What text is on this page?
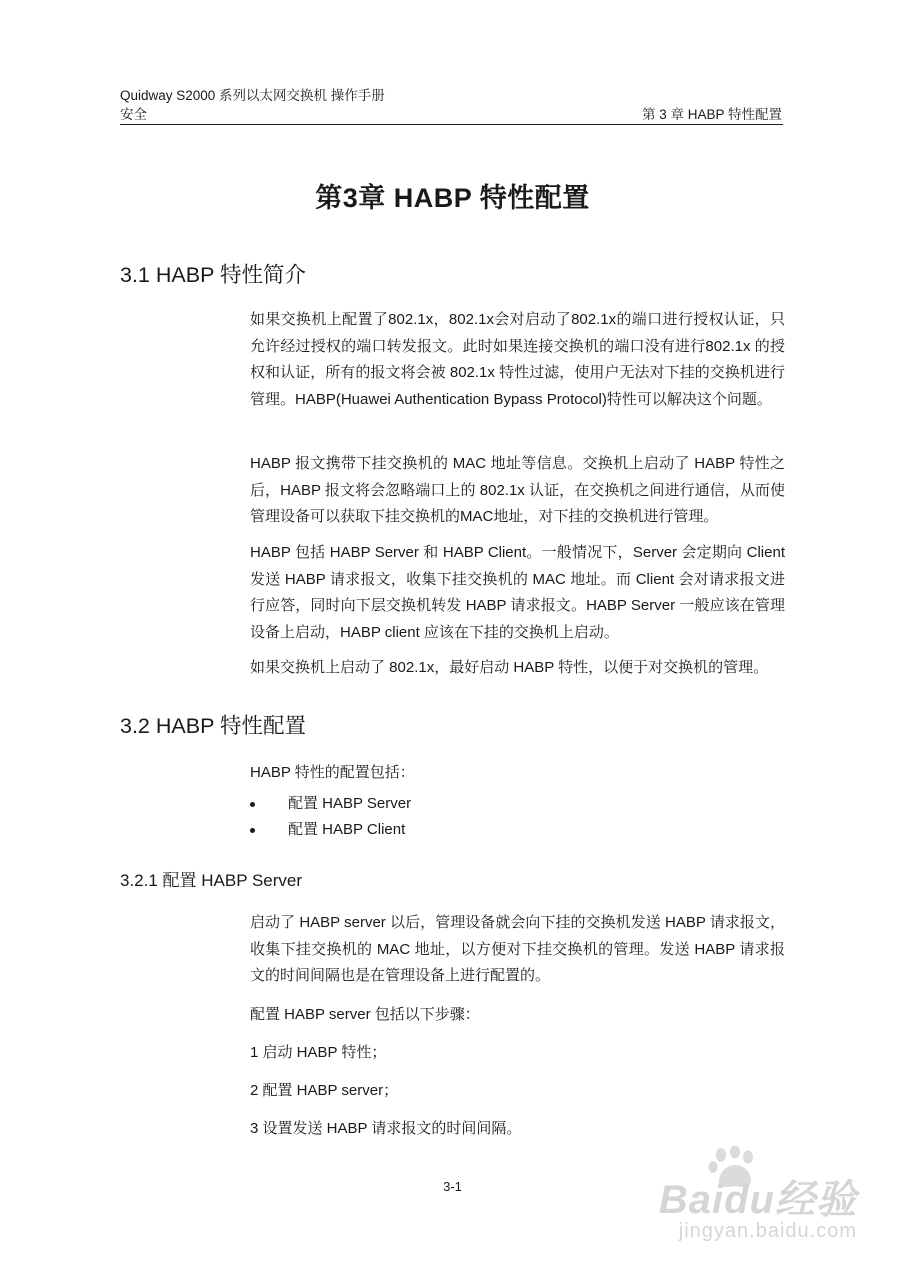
Quidway S2000 系列以太网交换机 操作手册
安全	第 3 章 HABP 特性配置
第3章 HABP 特性配置
3.1 HABP 特性简介

如果交换机上配置了802.1x，802.1x会对启动了802.1x的端口进行授权认证，只允许经过授权的端口转发报文。此时如果连接交换机的端口没有进行802.1x 的授权和认证，所有的报文将会被 802.1x 特性过滤，使用户无法对下挂的交换机进行管理。HABP(Huawei Authentication Bypass Protocol)特性可以解决这个问题。

HABP 报文携带下挂交换机的 MAC 地址等信息。交换机上启动了 HABP 特性之后，HABP 报文将会忽略端口上的 802.1x 认证，在交换机之间进行通信，从而使管理设备可以获取下挂交换机的MAC地址，对下挂的交换机进行管理。

HABP 包括 HABP Server 和 HABP Client。一般情况下，Server 会定期向 Client 发送 HABP 请求报文，收集下挂交换机的 MAC 地址。而 Client 会对请求报文进行应答，同时向下层交换机转发 HABP 请求报文。HABP Server 一般应该在管理设备上启动，HABP client 应该在下挂的交换机上启动。

如果交换机上启动了 802.1x，最好启动 HABP 特性，以便于对交换机的管理。

3.2 HABP 特性配置
HABP 特性的配置包括：
配置 HABP Server
配置 HABP Client
3.2.1 配置 HABP Server

启动了 HABP server 以后，管理设备就会向下挂的交换机发送 HABP 请求报文，收集下挂交换机的 MAC 地址，以方便对下挂交换机的管理。发送 HABP 请求报文的时间间隔也是在管理设备上进行配置的。

配置 HABP server 包括以下步骤：
1 启动 HABP 特性；
2 配置 HABP server；
3 设置发送 HABP 请求报文的时间间隔。
3-1	Baidu经验
jingyan.baidu.com
